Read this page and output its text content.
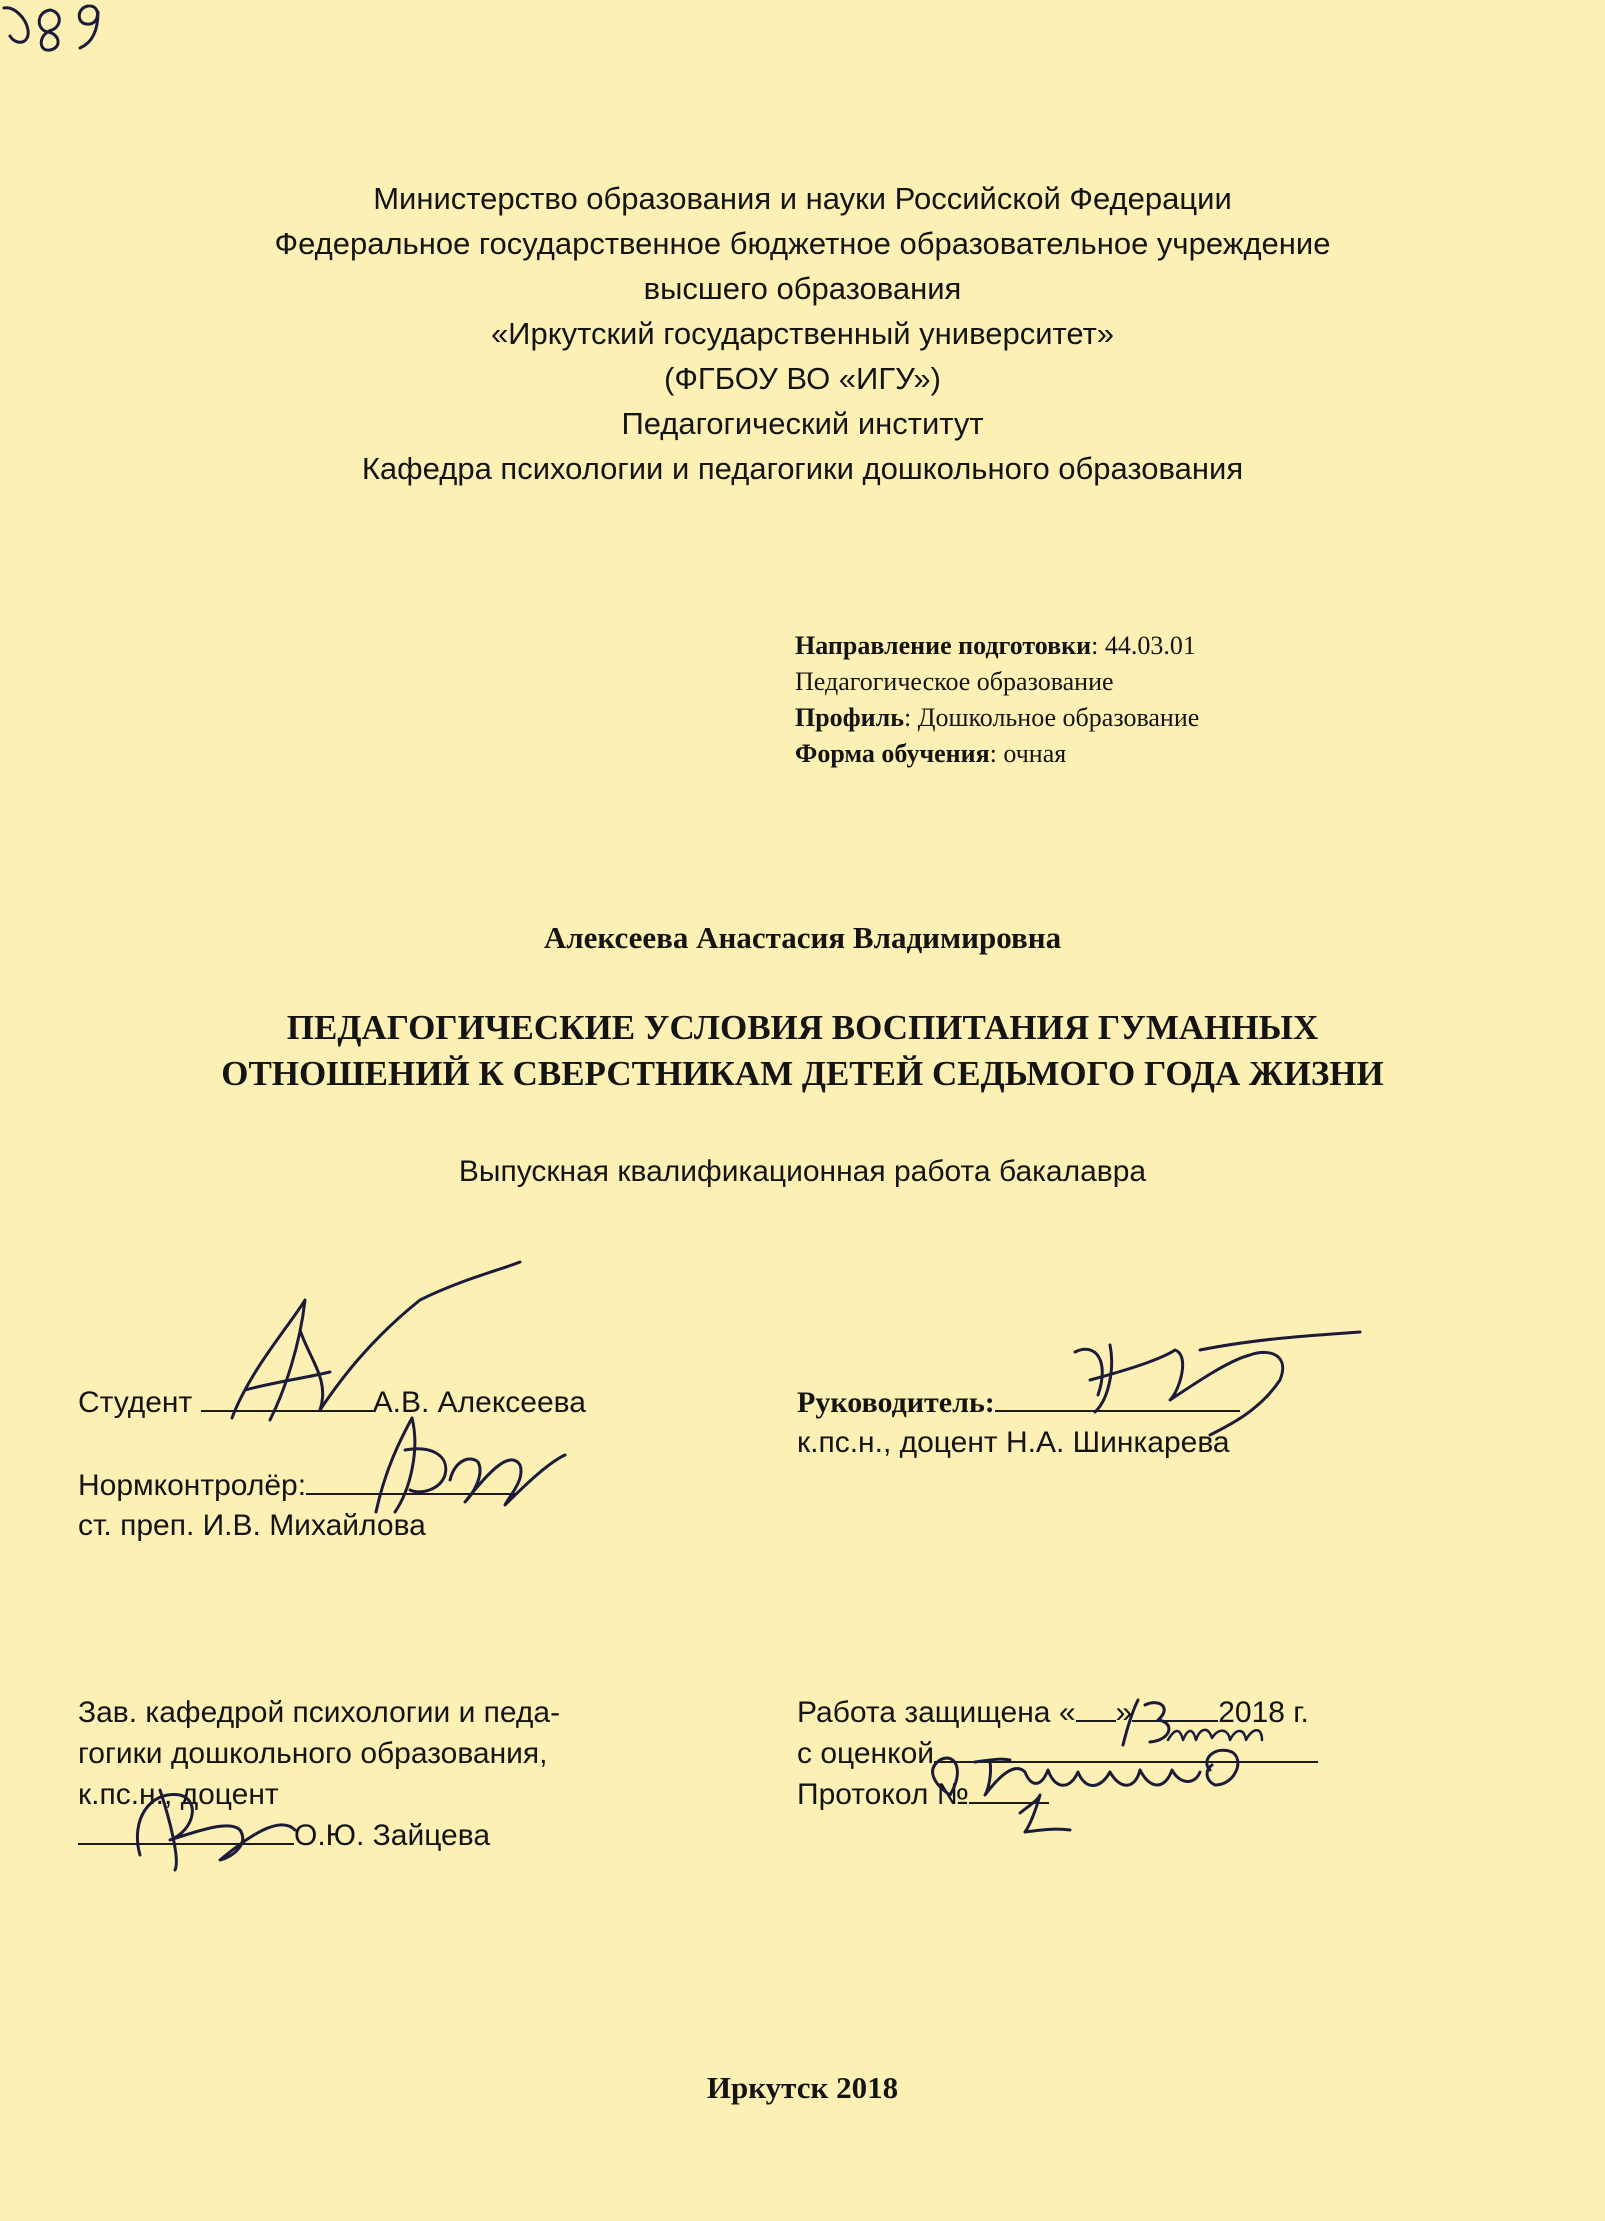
Министерство образования и науки Российской Федерации
Федеральное государственное бюджетное образовательное учреждение
высшего образования
«Иркутский государственный университет»
(ФГБОУ ВО «ИГУ»)
Педагогический институт
Кафедра психологии и педагогики дошкольного образования
Направление подготовки: 44.03.01
Педагогическое образование
Профиль: Дошкольное образование
Форма обучения: очная
Алексеева Анастасия Владимировна
ПЕДАГОГИЧЕСКИЕ УСЛОВИЯ ВОСПИТАНИЯ ГУМАННЫХ
ОТНОШЕНИЙ К СВЕРСТНИКАМ ДЕТЕЙ СЕДЬМОГО ГОДА ЖИЗНИ
Выпускная квалификационная работа бакалавра
Студент	А.В. Алексеева	Руководитель:
к.пс.н., доцент Н.А. Шинкарева
Нормконтролёр:
ст. преп. И.В. Михайлова
Зав. кафедрой психологии и педа-
гогики дошкольного образования,
к.пс.н., доцент
О.Ю. Зайцева
Работа защищена « »	2018 г.
с оценкой
Протокол №
Иркутск 2018
